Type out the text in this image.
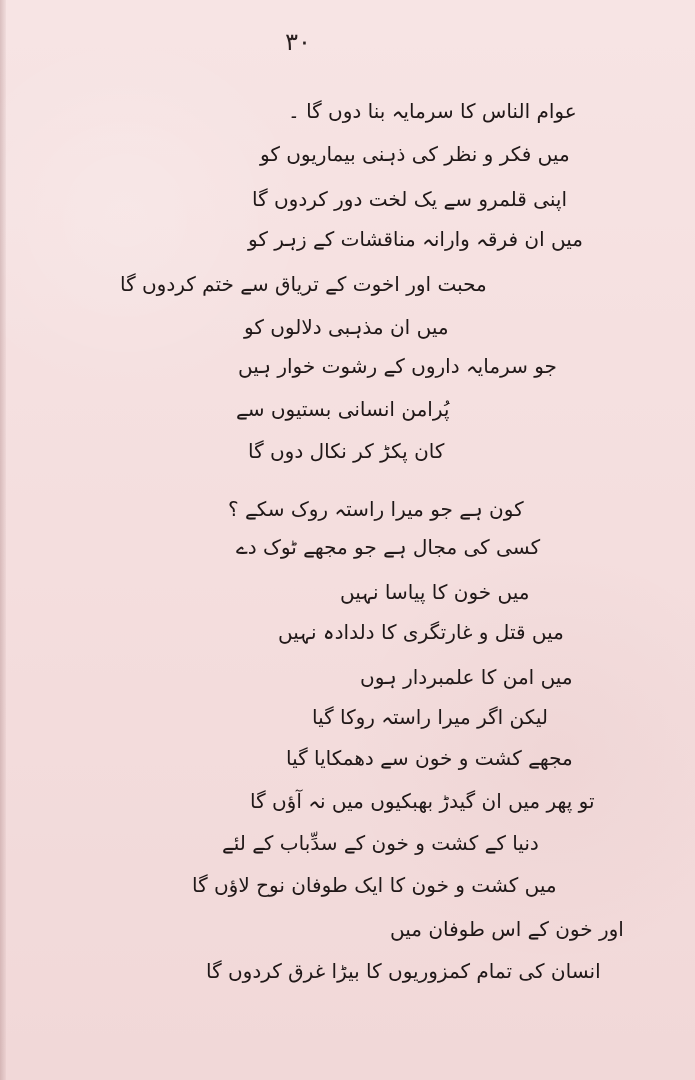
٣٠
عوام الناس کا سرمایہ بنا دوں گا ۔
میں فکر و نظر کی ذہنی بیماریوں کو
اپنی قلمرو سے یک لخت دور کردوں گا
میں ان فرقہ وارانہ مناقشات کے زہر کو
محبت اور اخوت کے تریاق سے ختم کردوں گا
میں ان مذہبی دلالوں کو
جو سرمایہ داروں کے رشوت خوار ہیں
پُرامن انسانی بستیوں سے
کان پکڑ کر نکال دوں گا
کون ہے جو میرا راستہ روک سکے ؟
کسی کی مجال ہے جو مجھے ٹوک دے
میں خون کا پیاسا نہیں
میں قتل و غارتگری کا دلدادہ نہیں
میں امن کا علمبردار ہوں
لیکن اگر میرا راستہ روکا گیا
مجھے کشت و خون سے دھمکایا گیا
تو پھر میں ان گیدڑ بھبکیوں میں نہ آؤں گا
دنیا کے کشت و خون کے سدِّباب کے لئے
میں کشت و خون کا ایک طوفان نوح لاؤں گا
اور خون کے اس طوفان میں
انسان کی تمام کمزوریوں کا بیڑا غرق کردوں گا
